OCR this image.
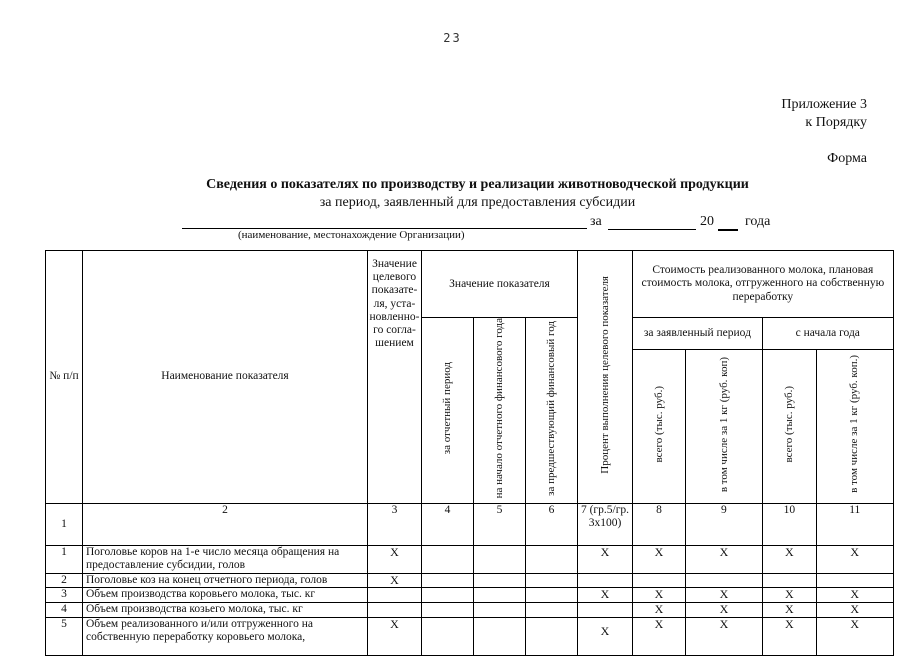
23
Приложение 3
к Порядку
Форма
Сведения о показателях по производству и реализации животноводческой продукции
за период, заявленный для предоставления субсидии
(наименование, местонахождение Организации)
за	20 года
№ п/п	Наименование показателя	Значение целевого показате-ля, уста-новленно-го согла-шением	Значение показателя			Процент выполнения целевого показателя	Стоимость реализованного молока, плановая стоимость молока, отгруженного на собственную переработку			
			за отчетный период	на начало отчетного финансового года	за предшествующий финансовый год		за заявленный период		с начала года	
							всего (тыс. руб.)	в том числе за 1 кг (руб. коп)	всего (тыс. руб.)	в том числе за 1 кг (руб. коп.)
1	2	3	4	5	6	7 (гр.5/гр. 3х100)	8	9	10	11
1	Поголовье коров на 1-е число месяца обращения на предоставление субсидии, голов	Х				Х	Х	Х	Х	Х
2	Поголовье коз на конец отчетного периода, голов	Х								
3	Объем производства коровьего молока, тыс. кг					Х	Х	Х	Х	Х
4	Объем производства козьего молока, тыс. кг						Х	Х	Х	Х
5	Объем реализованного и/или отгруженного на собственную переработку коровьего молока,	Х				Х	Х	Х	Х	Х
